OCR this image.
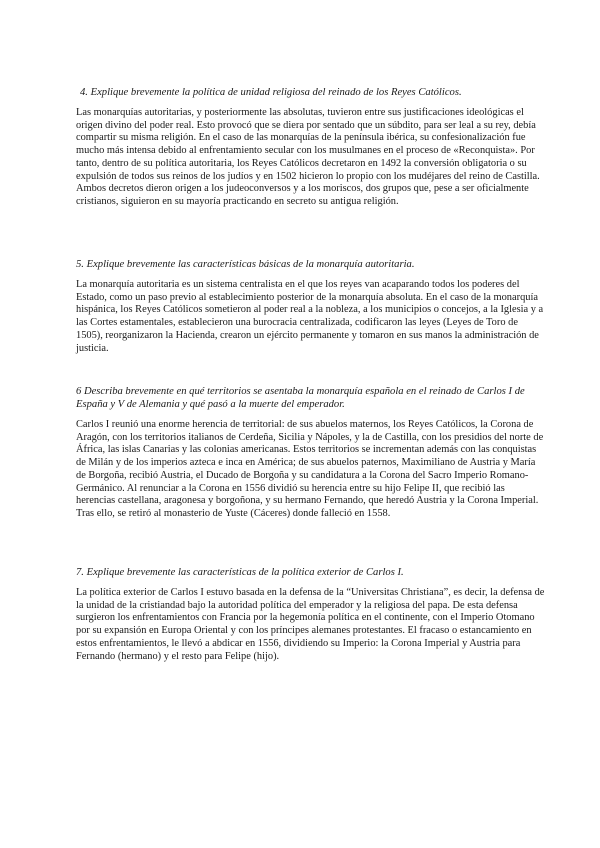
4. Explique brevemente la política de unidad religiosa del reinado de los Reyes Católicos.

Las monarquías autoritarias, y posteriormente las absolutas, tuvieron entre sus justificaciones ideológicas el origen divino del poder real. Esto provocó que se diera por sentado que un súbdito, para ser leal a su rey, debía compartir su misma religión. En el caso de las monarquías de la península ibérica, su confesionalización fue mucho más intensa debido al enfrentamiento secular con los musulmanes en el proceso de «Reconquista». Por tanto, dentro de su política autoritaria, los Reyes Católicos decretaron en 1492 la conversión obligatoria o su expulsión de todos sus reinos de los judíos y en 1502 hicieron lo propio con los mudéjares del reino de Castilla. Ambos decretos dieron origen a los judeoconversos y a los moriscos, dos grupos que, pese a ser oficialmente cristianos, siguieron en su mayoría practicando en secreto su antigua religión.

5. Explique brevemente las características básicas de la monarquía autoritaria.

La monarquía autoritaria es un sistema centralista en el que los reyes van acaparando todos los poderes del Estado, como un paso previo al establecimiento posterior de la monarquía absoluta. En el caso de la monarquía hispánica, los Reyes Católicos sometieron al poder real a la nobleza, a los municipios o concejos, a la Iglesia y a las Cortes estamentales, establecieron una burocracia centralizada, codificaron las leyes (Leyes de Toro de 1505), reorganizaron la Hacienda, crearon un ejército permanente y tomaron en sus manos la administración de justicia.

6 Describa brevemente en qué territorios se asentaba la monarquía española en el reinado de Carlos I de España y V de Alemania y qué pasó a la muerte del emperador.

Carlos I reunió una enorme herencia de territorial: de sus abuelos maternos, los Reyes Católicos, la Corona de Aragón, con los territorios italianos de Cerdeña, Sicilia y Nápoles, y la de Castilla, con los presidios del norte de África, las islas Canarias y las colonias americanas. Estos territorios se incrementan además con las conquistas de Milán y de los imperios azteca e inca en América; de sus abuelos paternos, Maximiliano de Austria y María de Borgoña, recibió Austria, el Ducado de Borgoña y su candidatura a la Corona del Sacro Imperio Romano-Germánico. Al renunciar a la Corona en 1556 dividió su herencia entre su hijo Felipe II, que recibió las herencias castellana, aragonesa y borgoñona, y su hermano Fernando, que heredó Austria y la Corona Imperial. Tras ello, se retiró al monasterio de Yuste (Cáceres) donde falleció en 1558.

7. Explique brevemente las características de la política exterior de Carlos I.

La política exterior de Carlos I estuvo basada en la defensa de la “Universitas Christiana”, es decir, la defensa de la unidad de la cristiandad bajo la autoridad política del emperador y la religiosa del papa. De esta defensa surgieron los enfrentamientos con Francia por la hegemonía política en el continente, con el Imperio Otomano por su expansión en Europa Oriental y con los príncipes alemanes protestantes. El fracaso o estancamiento en estos enfrentamientos, le llevó a abdicar en 1556, dividiendo su Imperio: la Corona Imperial y Austria para Fernando (hermano) y el resto para Felipe (hijo).
